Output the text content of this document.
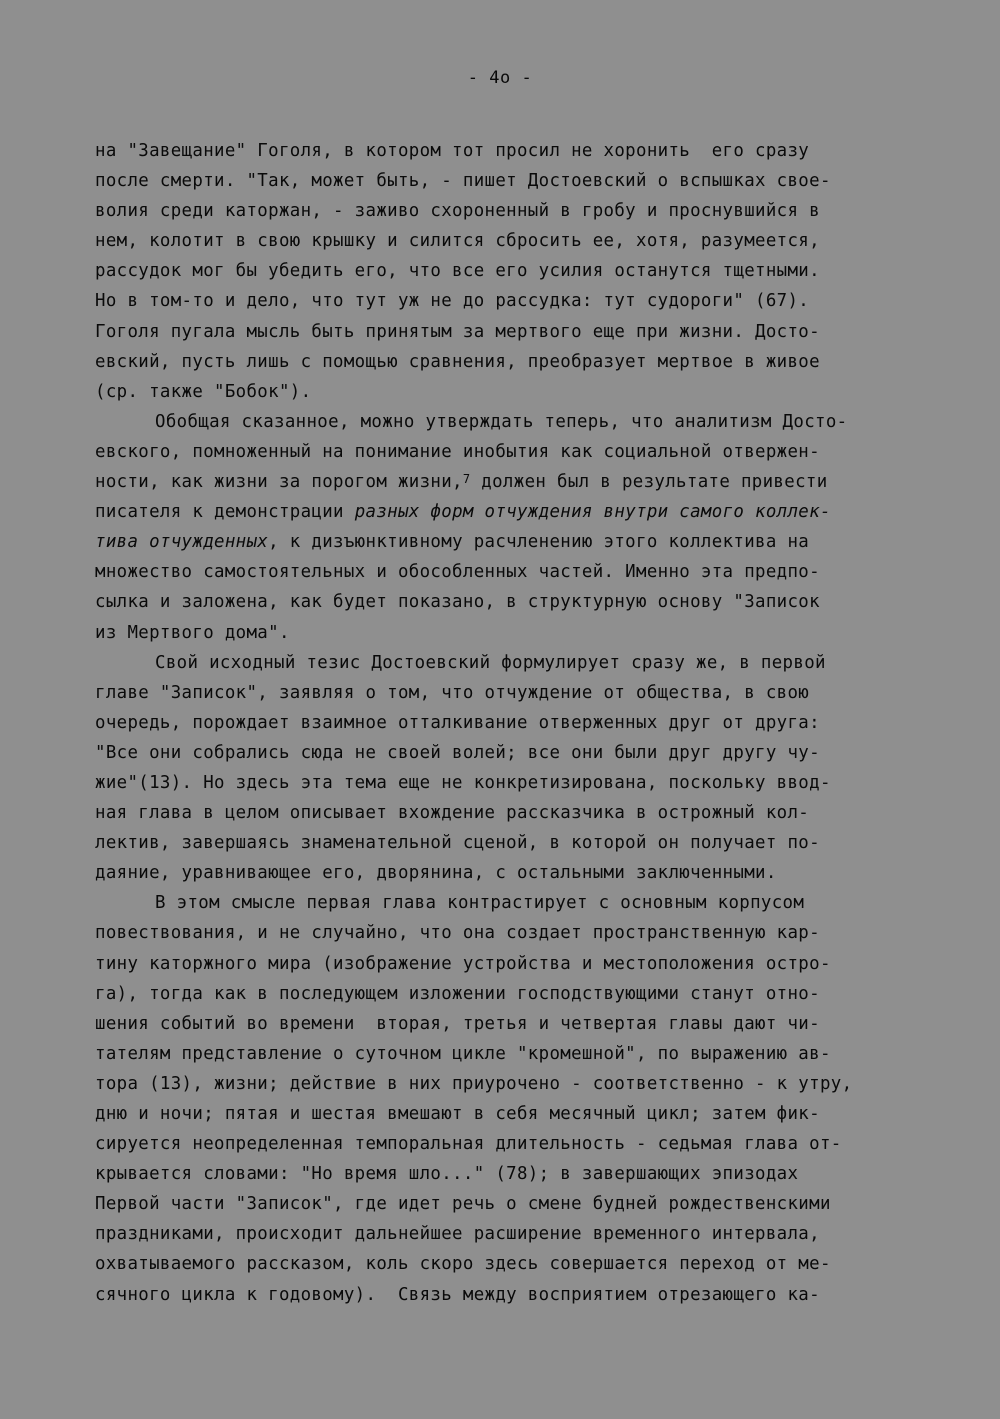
- 4o -
на "Завещание" Гоголя, в котором тот просил не хоронить  его сразу
после смерти. "Так, может быть, - пишет Достоевский о вспышках свое-
волия среди каторжан, - заживо схороненный в гробу и проснувшийся в
нем, колотит в свою крышку и силится сбросить ее, хотя, разумеется,
рассудок мог бы убедить его, что все его усилия останутся тщетными.
Но в том-то и дело, что тут уж не до рассудка: тут судороги" (67).
Гоголя пугала мысль быть принятым за мертвого еще при жизни. Досто-
евский, пусть лишь с помощью сравнения, преобразует мертвое в живое
(ср. также "Бобок").
Обобщая сказанное, можно утверждать теперь, что аналитизм Досто-
евского, помноженный на понимание инобытия как социальной отвержен-
ности, как жизни за порогом жизни,$^7$ должен был в результате привести
писателя к демонстрации разных форм отчуждения внутри самого коллек-
тива отчужденных, к дизъюнктивному расчленению этого коллектива на
множество самостоятельных и обособленных частей. Именно эта предпо-
сылка и заложена, как будет показано, в структурную основу "Записок
из Мертвого дома".
Свой исходный тезис Достоевский формулирует сразу же, в первой
главе "Записок", заявляя о том, что отчуждение от общества, в свою
очередь, порождает взаимное отталкивание отверженных друг от друга:
"Все они собрались сюда не своей волей; все они были друг другу чу-
жие"(13). Но здесь эта тема еще не конкретизирована, поскольку ввод-
ная глава в целом описывает вхождение рассказчика в острожный кол-
лектив, завершаясь знаменательной сценой, в которой он получает по-
даяние, уравнивающее его, дворянина, с остальными заключенными.
В этом смысле первая глава контрастирует с основным корпусом
повествования, и не случайно, что она создает пространственную кар-
тину каторжного мира (изображение устройства и местоположения остро-
га), тогда как в последующем изложении господствующими станут отно-
шения событий во времени  вторая, третья и четвертая главы дают чи-
тателям представление о суточном цикле "кромешной", по выражению ав-
тора (13), жизни; действие в них приурочено - соответственно - к утру,
дню и ночи; пятая и шестая вмешают в себя месячный цикл; затем фик-
сируется неопределенная темпоральная длительность - седьмая глава от-
крывается словами: "Но время шло..." (78); в завершающих эпизодах
Первой части "Записок", где идет речь о смене будней рождественскими
праздниками, происходит дальнейшее расширение временного интервала,
охватываемого рассказом, коль скоро здесь совершается переход от ме-
сячного цикла к годовому).  Связь между восприятием отрезающего ка-
